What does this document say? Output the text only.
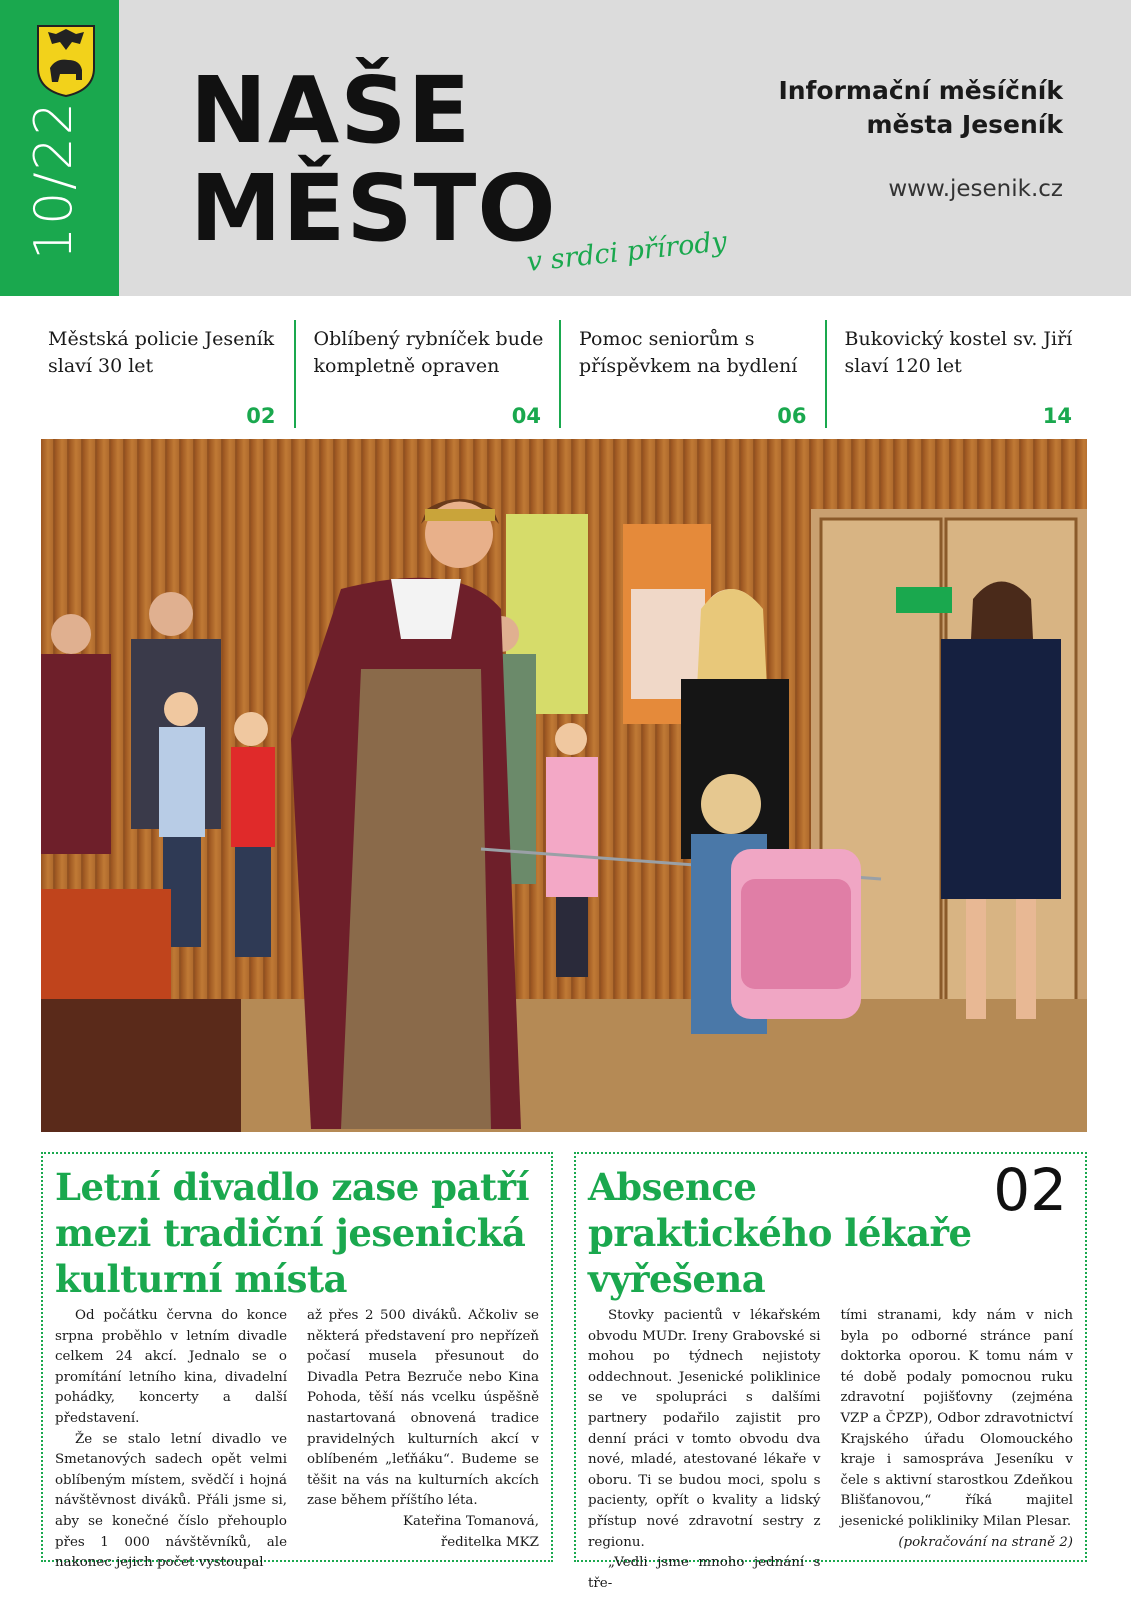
10/22 NAŠE
MĚSTO
v srdci přírody
Informační měsíčník
města Jeseník
www.jesenik.cz
Městská policie Jeseník slaví 30 let
02
Oblíbený rybníček bude kompletně opraven
04
Pomoc seniorům s příspěvkem na bydlení
06
Bukovický kostel sv. Jiří slaví 120 let
14
Letní divadlo zase patří mezi tradiční jesenická kulturní místa

Od počátku června do konce srpna proběhlo v letním divadle celkem 24 akcí. Jednalo se o promítání letního kina, divadelní pohádky, koncerty a další představení.

Že se stalo letní divadlo ve Smetanových sadech opět velmi oblíbeným místem, svědčí i hojná návštěvnost diváků. Přáli jsme si, aby se konečné číslo přehouplo přes 1 000 návštěvníků, ale nakonec jejich počet vystoupal

až přes 2 500 diváků. Ačkoliv se některá představení pro nepřízeň počasí musela přesunout do Divadla Petra Bezruče nebo Kina Pohoda, těší nás vcelku úspěšně nastartovaná obnovená tradice pravidelných kulturních akcí v oblíbeném „leťňáku“. Budeme se těšit na vás na kulturních akcích zase během příštího léta.

Kateřina Tomanová,
ředitelka MKZ
02
Absence praktického lékaře vyřešena

Stovky pacientů v lékařském obvodu MUDr. Ireny Grabovské si mohou po týdnech nejistoty oddechnout. Jesenické poliklinice se ve spolupráci s dalšími partnery podařilo zajistit pro denní práci v tomto obvodu dva nové, mladé, atestované lékaře v oboru. Ti se budou moci, spolu s pacienty, opřít o kvality a lidský přístup nové zdravotní sestry z regionu.

„Vedli jsme mnoho jednání s tře-

tími stranami, kdy nám v nich byla po odborné stránce paní doktorka oporou. K tomu nám v té době podaly pomocnou ruku zdravotní pojišťovny (zejména VZP a ČPZP), Odbor zdravotnictví Krajského úřadu Olomouckého kraje i samospráva Jeseníku v čele s aktivní starostkou Zdeňkou Blišťanovou,“ říká majitel jesenické polikliniky Milan Plesar.

(pokračování na straně 2)
